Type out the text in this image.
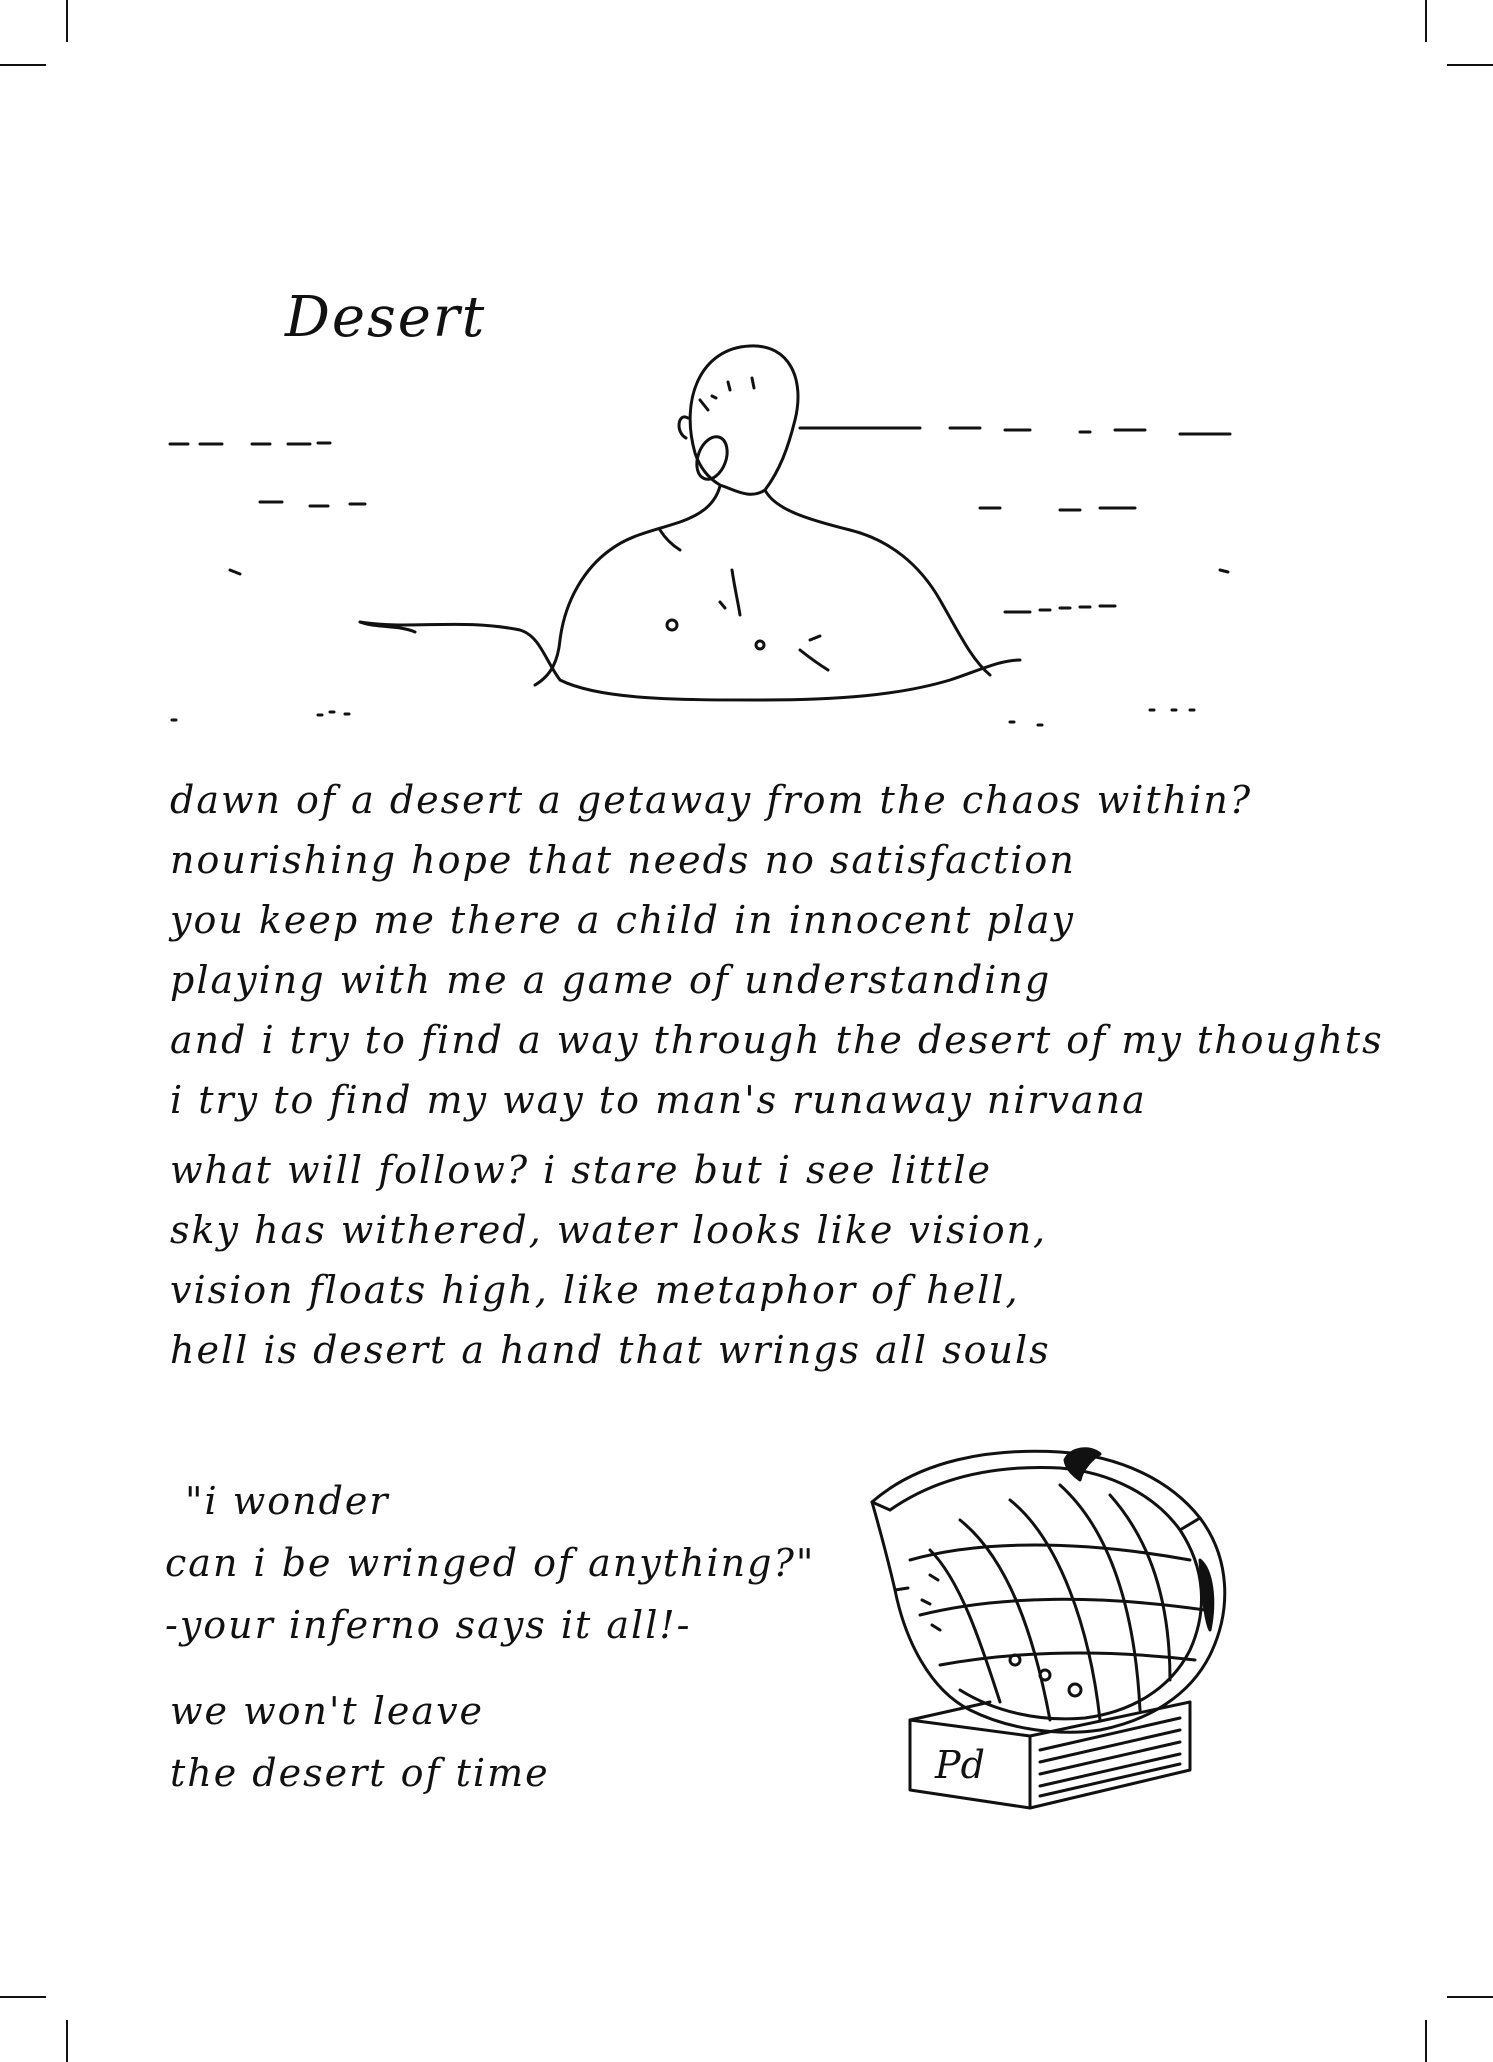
Desert
dawn of a desert a getaway from the chaos within?
nourishing hope that needs no satisfaction
you keep me there a child in innocent play
playing with me a game of understanding
and i try to find a way through the desert of my thoughts
i try to find my way to man's runaway nirvana
what will follow? i stare but i see little
sky has withered, water looks like vision,
vision floats high, like metaphor of hell,
hell is desert a hand that wrings all souls
"i wonder
can i be wringed of anything?"
-your inferno says it all!-
we won't leave
the desert of time	Pd
